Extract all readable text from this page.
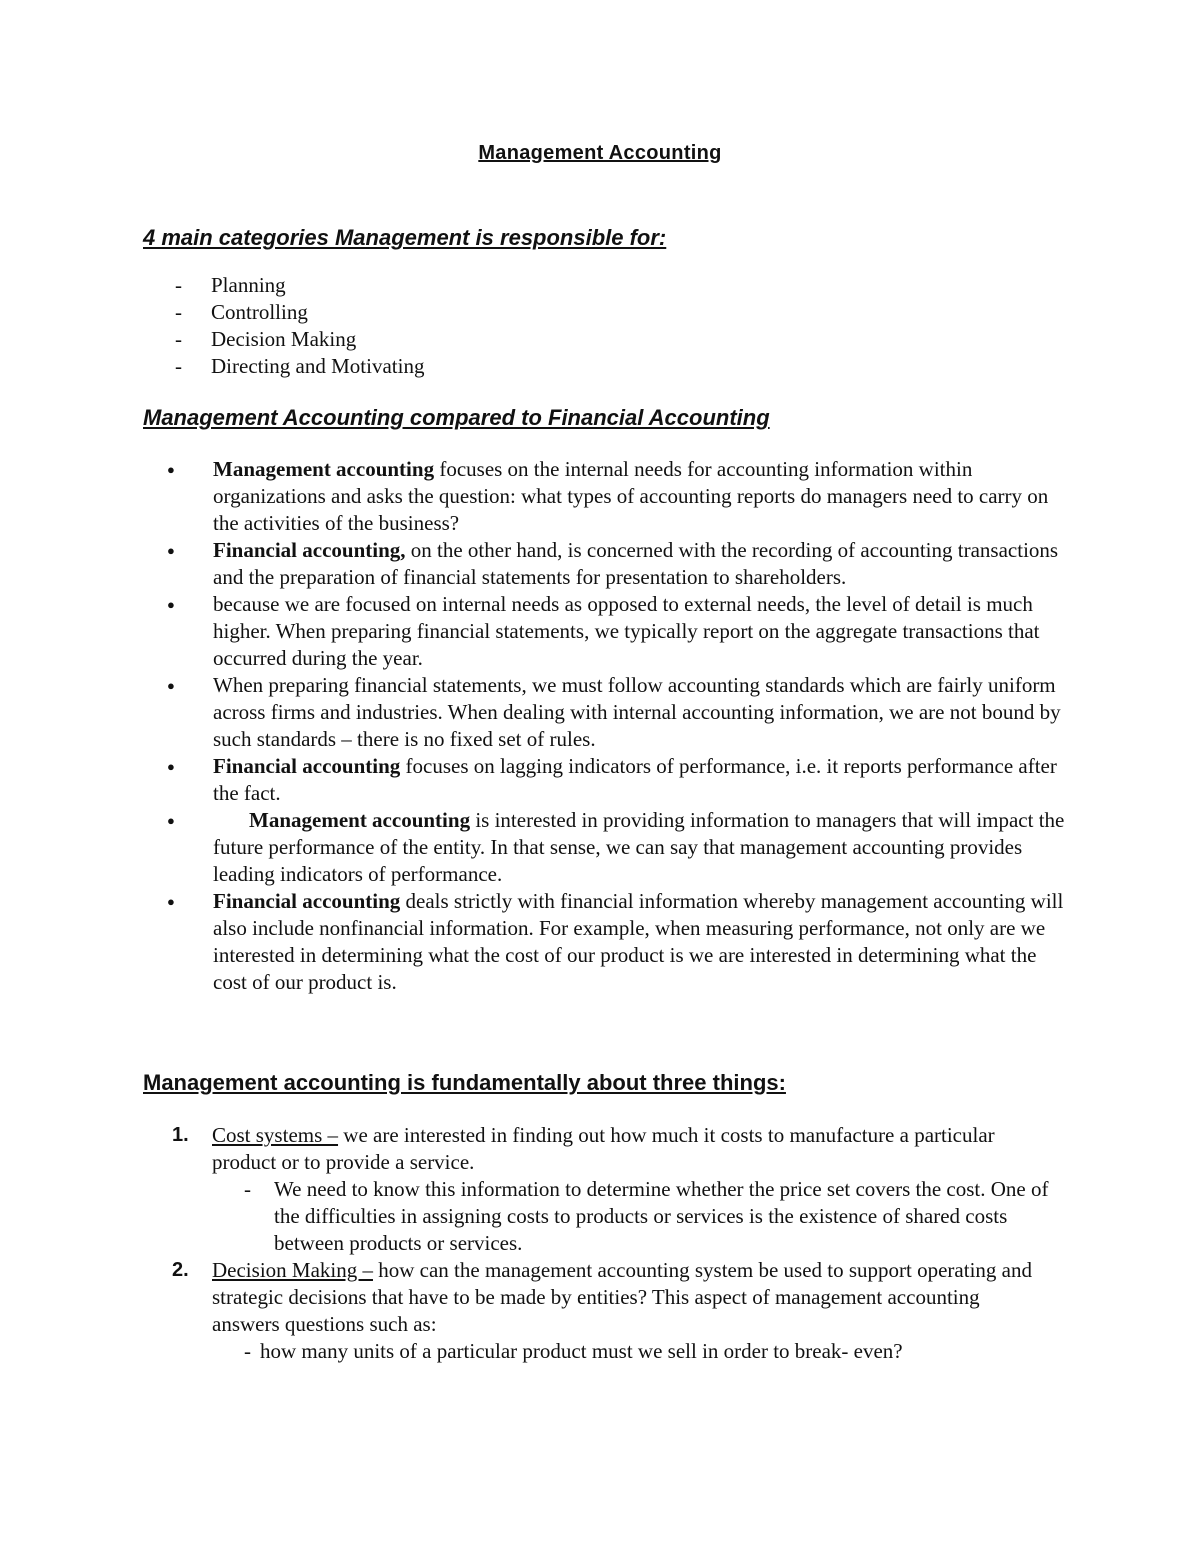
Management Accounting
4 main categories Management is responsible for:
-	Planning
-	Controlling
-	Decision Making
-	Directing and Motivating
Management Accounting compared to Financial Accounting
●	Management accounting focuses on the internal needs for accounting information within organizations and asks the question: what types of accounting reports do managers need to carry on the activities of the business?
●	Financial accounting, on the other hand, is concerned with the recording of accounting transactions and the preparation of financial statements for presentation to shareholders.
●	because we are focused on internal needs as opposed to external needs, the level of detail is much higher. When preparing financial statements, we typically report on the aggregate transactions that occurred during the year.
●	When preparing financial statements, we must follow accounting standards which are fairly uniform across firms and industries. When dealing with internal accounting information, we are not bound by such standards – there is no fixed set of rules.
●	Financial accounting focuses on lagging indicators of performance, i.e. it reports performance after the fact.
●	Management accounting is interested in providing information to managers that will impact the future performance of the entity. In that sense, we can say that management accounting provides leading indicators of performance.
●	Financial accounting deals strictly with financial information whereby management accounting will also include nonfinancial information. For example, when measuring performance, not only are we interested in determining what the cost of our product is we are interested in determining what the cost of our product is.
Management accounting is fundamentally about three things:
1.	Cost systems – we are interested in finding out how much it costs to manufacture a particular product or to provide a service.
-	We need to know this information to determine whether the price set covers the cost. One of the difficulties in assigning costs to products or services is the existence of shared costs between products or services.
2.	Decision Making – how can the management accounting system be used to support operating and strategic decisions that have to be made by entities? This aspect of management accounting answers questions such as:
- how many units of a particular product must we sell in order to break- even?
